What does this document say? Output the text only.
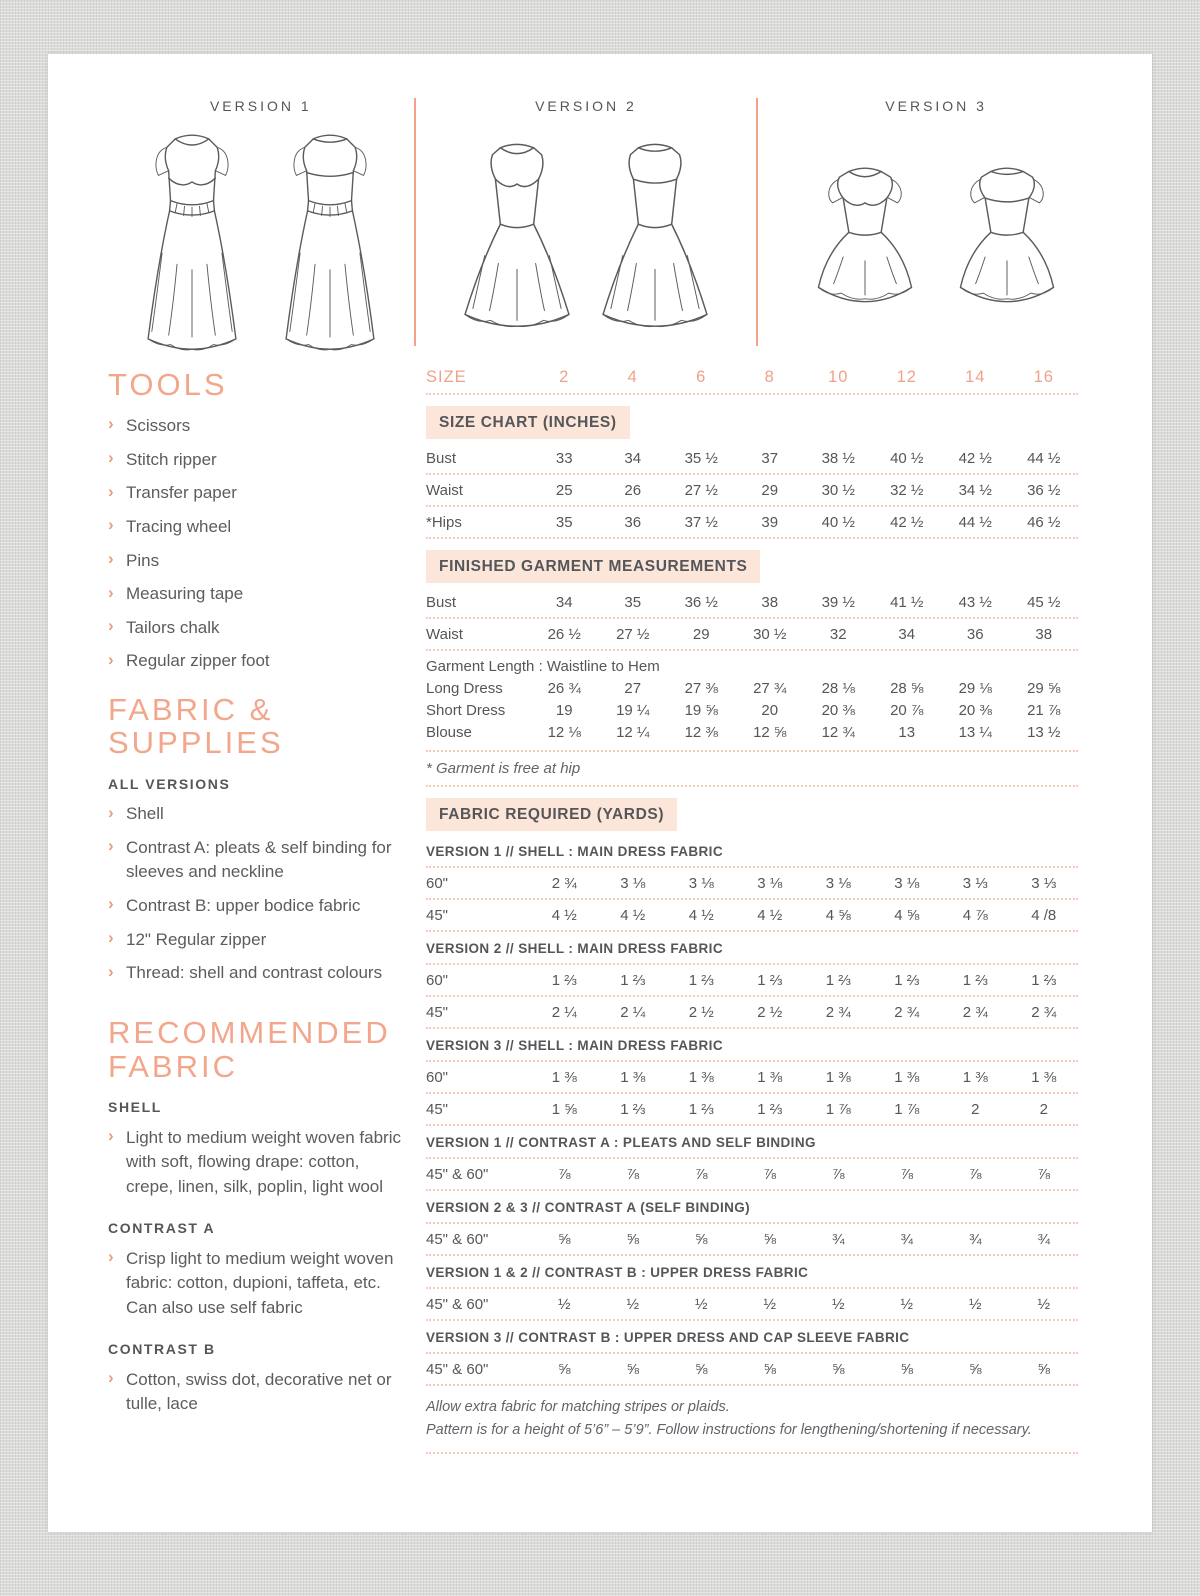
VERSION 1	VERSION 2	VERSION 3
TOOLS
› Scissors
› Stitch ripper
› Transfer paper
› Tracing wheel
› Pins
› Measuring tape
› Tailors chalk
› Regular zipper foot
FABRIC & SUPPLIES
ALL VERSIONS
› Shell
› Contrast A: pleats & self binding for sleeves and neckline
› Contrast B: upper bodice fabric
› 12" Regular zipper
› Thread: shell and contrast colours
RECOMMENDED FABRIC
SHELL
› Light to medium weight woven fabric with soft, flowing drape: cotton, crepe, linen, silk, poplin, light wool
CONTRAST A
› Crisp light to medium weight woven fabric: cotton, dupioni, taffeta, etc. Can also use self fabric
CONTRAST B
› Cotton, swiss dot, decorative net or tulle, lace
SIZE	2	4	6	8	10	12	14	16
SIZE CHART (INCHES)
Bust	33	34	35 ½	37	38 ½	40 ½	42 ½	44 ½
Waist	25	26	27 ½	29	30 ½	32 ½	34 ½	36 ½
*Hips	35	36	37 ½	39	40 ½	42 ½	44 ½	46 ½
FINISHED GARMENT MEASUREMENTS
Bust	34	35	36 ½	38	39 ½	41 ½	43 ½	45 ½
Waist	26 ½	27 ½	29	30 ½	32	34	36	38
Garment Length : Waistline to Hem
Long Dress	26 ¾	27	27 ⅜	27 ¾	28 ⅛	28 ⅝	29 ⅛	29 ⅝
Short Dress	19	19 ¼	19 ⅝	20	20 ⅜	20 ⅞	20 ⅜	21 ⅞
Blouse	12 ⅛	12 ¼	12 ⅜	12 ⅝	12 ¾	13	13 ¼	13 ½
* Garment is free at hip
FABRIC REQUIRED (YARDS)
VERSION 1 // SHELL : MAIN DRESS FABRIC
60"	2 ¾	3 ⅛	3 ⅛	3 ⅛	3 ⅛	3 ⅛	3 ⅓	3 ⅓
45"	4 ½	4 ½	4 ½	4 ½	4 ⅝	4 ⅝	4 ⅞	4 /8
VERSION 2 // SHELL : MAIN DRESS FABRIC
60"	1 ⅔	1 ⅔	1 ⅔	1 ⅔	1 ⅔	1 ⅔	1 ⅔	1 ⅔
45"	2 ¼	2 ¼	2 ½	2 ½	2 ¾	2 ¾	2 ¾	2 ¾
VERSION 3 // SHELL : MAIN DRESS FABRIC
60"	1 ⅜	1 ⅜	1 ⅜	1 ⅜	1 ⅜	1 ⅜	1 ⅜	1 ⅜
45"	1 ⅝	1 ⅔	1 ⅔	1 ⅔	1 ⅞	1 ⅞	2	2
VERSION 1 // CONTRAST A : PLEATS AND SELF BINDING
45" & 60"	⅞	⅞	⅞	⅞	⅞	⅞	⅞	⅞
VERSION 2 & 3 // CONTRAST A (SELF BINDING)
45" & 60"	⅝	⅝	⅝	⅝	¾	¾	¾	¾
VERSION 1 & 2 // CONTRAST B : UPPER DRESS FABRIC
45" & 60"	½	½	½	½	½	½	½	½
VERSION 3 // CONTRAST B : UPPER DRESS AND CAP SLEEVE FABRIC
45" & 60"	⅝	⅝	⅝	⅝	⅝	⅝	⅝	⅝

Allow extra fabric for matching stripes or plaids.

Pattern is for a height of 5’6” – 5’9”. Follow instructions for lengthening/shortening if necessary.
